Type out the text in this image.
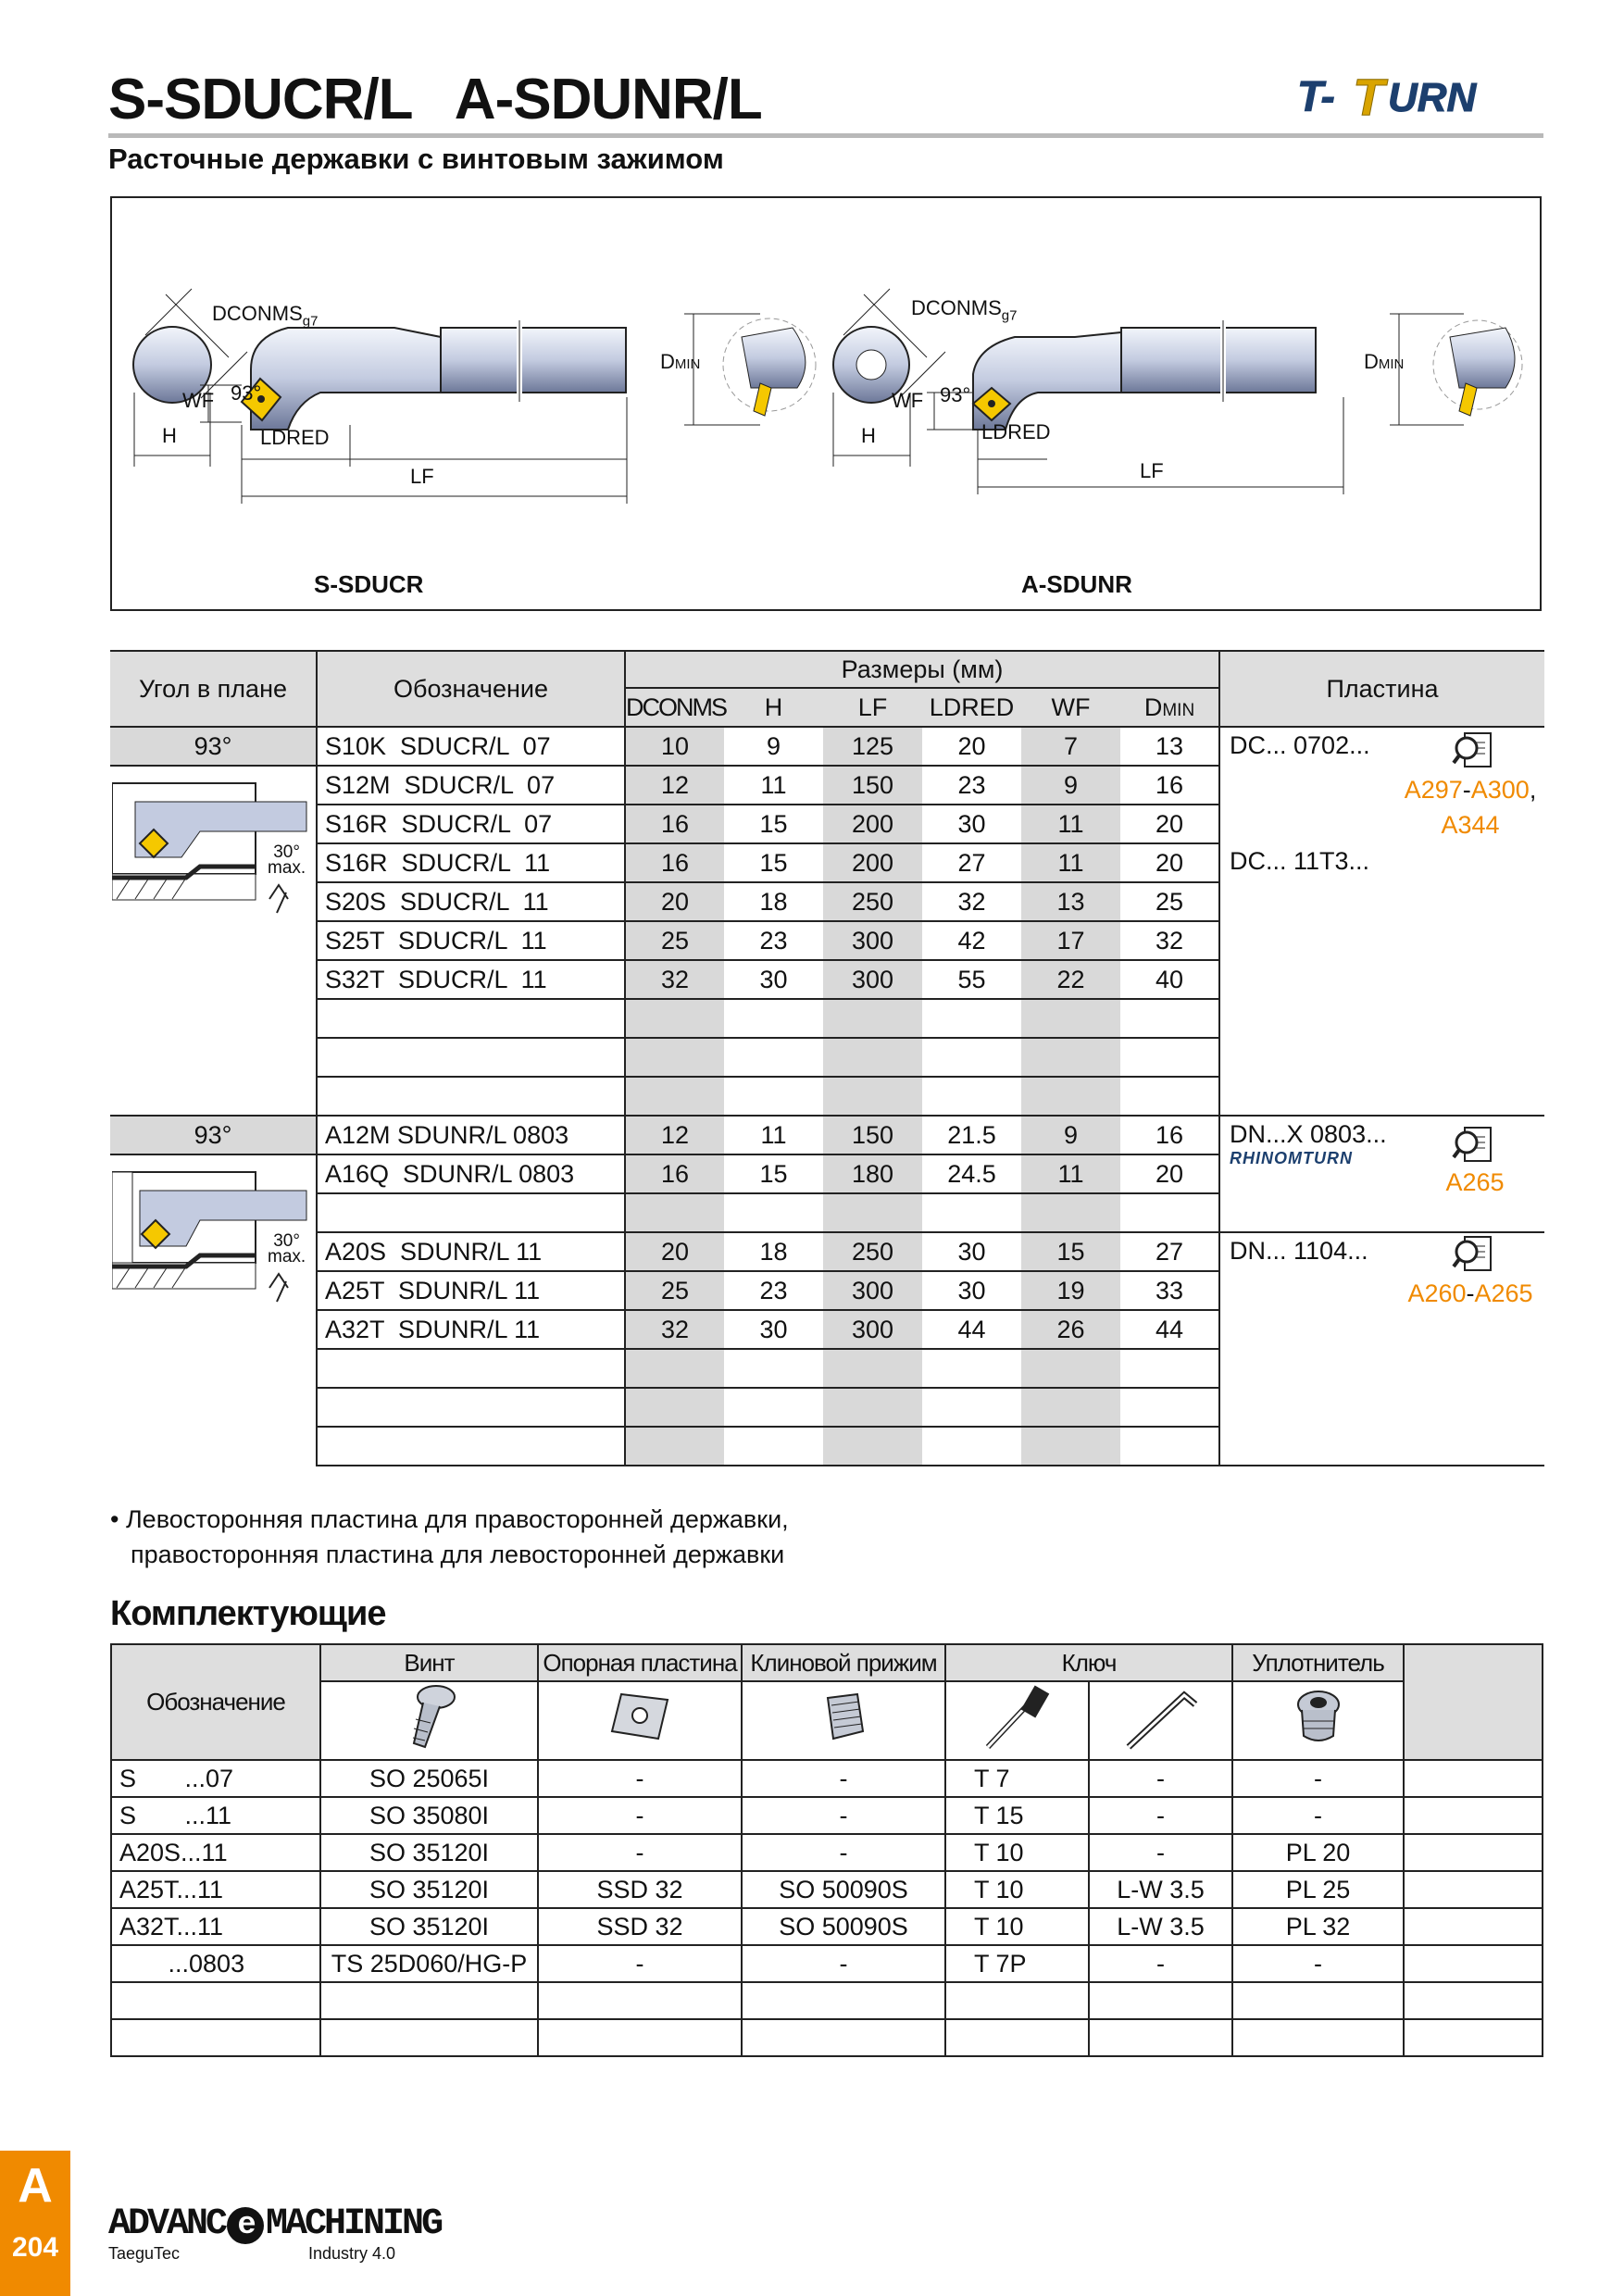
S-SDUCR/L   A-SDUNR/L
Расточные державки с винтовым зажимом
T- T URN
$DCONMS_{g7}$
93°
WF
H	LDRED
LF
DMIN
$DCONMS_{g7}$
93°
WF
H	LDRED
LF
DMIN
S-SDUCR	A-SDUNR
Угол в плане	Обозначение	Размеры (мм)						Пластина
		DCONMS	H	LF	LDRED	WF	DMIN	
93°	S10K  SDUCR/L  07	10	9	125	20	7	13	DC... 0702...
A297-A300,
A344

30°
max.	S12M  SDUCR/L  07	12	11	150	23	9	16	
	S16R  SDUCR/L  07	16	15	200	30	11	20	
	S16R  SDUCR/L  11	16	15	200	27	11	20	DC... 11T3...

	S20S  SDUCR/L  11	20	18	250	32	13	25	
	S25T  SDUCR/L  11	25	23	300	42	17	32	
	S32T  SDUCR/L  11	32	30	300	55	22	40	

93°	A12M SDUNR/L 0803	12	11	150	21.5	9	16	DN...X 0803...
RHINOMTURN
A265

30°
max.	A16Q  SDUNR/L 0803	16	15	180	24.5	11	20	

	A20S  SDUNR/L 11	20	18	250	30	15	27	DN... 1104...
A260-A265

	A25T  SDUNR/L 11	25	23	300	30	19	33	
	A32T  SDUNR/L 11	32	30	300	44	26	44	

• Левосторонняя пластина для правосторонней державки,
правосторонняя пластина для левосторонней державки
Комплектующие
Обозначение	Винт	Опорная пластина	Клиновой прижим	Ключ		Уплотнитель	

S       ...07	SO 25065I	-	-	T 7	-	-	
S       ...11	SO 35080I	-	-	T 15	-	-	
A20S...11	SO 35120I	-	-	T 10	-	PL 20	
A25T...11	SO 35120I	SSD 32	SO 50090S	T 10	L-W 3.5	PL 25	
A32T...11	SO 35120I	SSD 32	SO 50090S	T 10	L-W 3.5	PL 32	
...0803	TS 25D060/HG-P	-	-	T 7P	-	-	

A
204
ADVANC e MACHINING
TaeguTec	Industry 4.0
